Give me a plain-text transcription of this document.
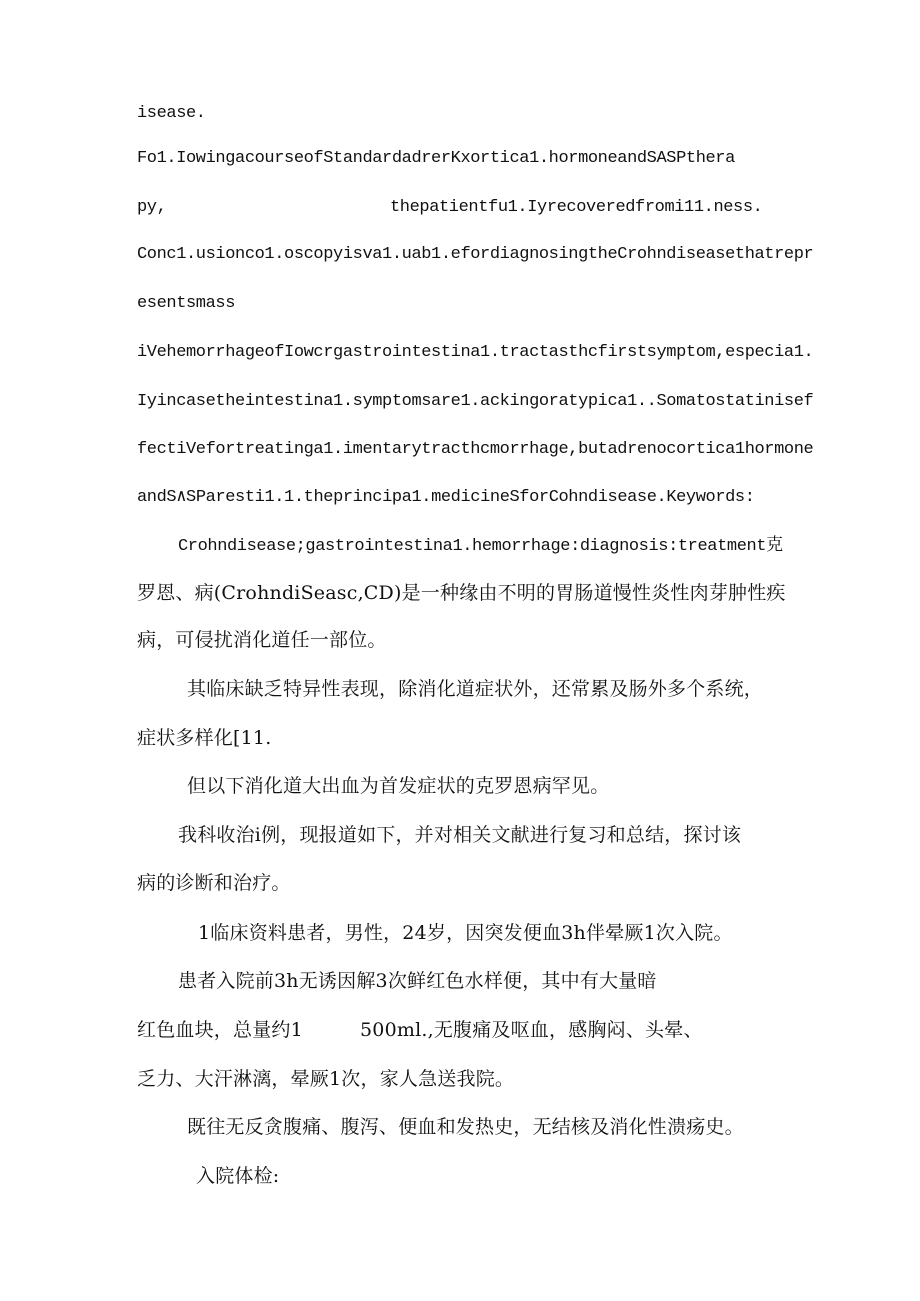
isease.

Fo1.IowingacourseofStandardadrerKxortica1.hormoneandSASPthera

py,	thepatientfu1.Iyrecoveredfromi11.ness.

Conc1.usionco1.oscopyisva1.uab1.efordiagnosingtheCrohndiseasethatrepr

esentsmass

iVehemorrhageofIowcrgastrointestina1.tractasthcfirstsymptom,especia1.

Iyincasetheintestina1.symptomsare1.ackingoratypica1..Somatostatinisef

fectiVefortreatinga1.imentarytracthcmorrhage,butadrenocortica1hormone

andS∧SParesti1.1.theprincipa1.medicineSforCohndisease.Keywords:

Crohndisease;gastrointestina1.hemorrhage:diagnosis:treatment克

罗恩、病(CrohndiSeasc,CD)是一种缘由不明的胃肠道慢性炎性肉芽肿性疾

病，可侵扰消化道任一部位。

其临床缺乏特异性表现，除消化道症状外，还常累及肠外多个系统，

症状多样化[11.

但以下消化道大出血为首发症状的克罗恩病罕见。

我科收治i例，现报道如下，并对相关文献进行复习和总结，探讨该

病的诊断和治疗。

1临床资料患者，男性，24岁，因突发便血3h伴晕厥1次入院。

患者入院前3h无诱因解3次鲜红色水样便，其中有大量暗

红色血块，总量约1	500ml.,无腹痛及呕血，感胸闷、头晕、

乏力、大汗淋漓，晕厥1次，家人急送我院。

既往无反贪腹痛、腹泻、便血和发热史，无结核及消化性溃疡史。

入院体检:
